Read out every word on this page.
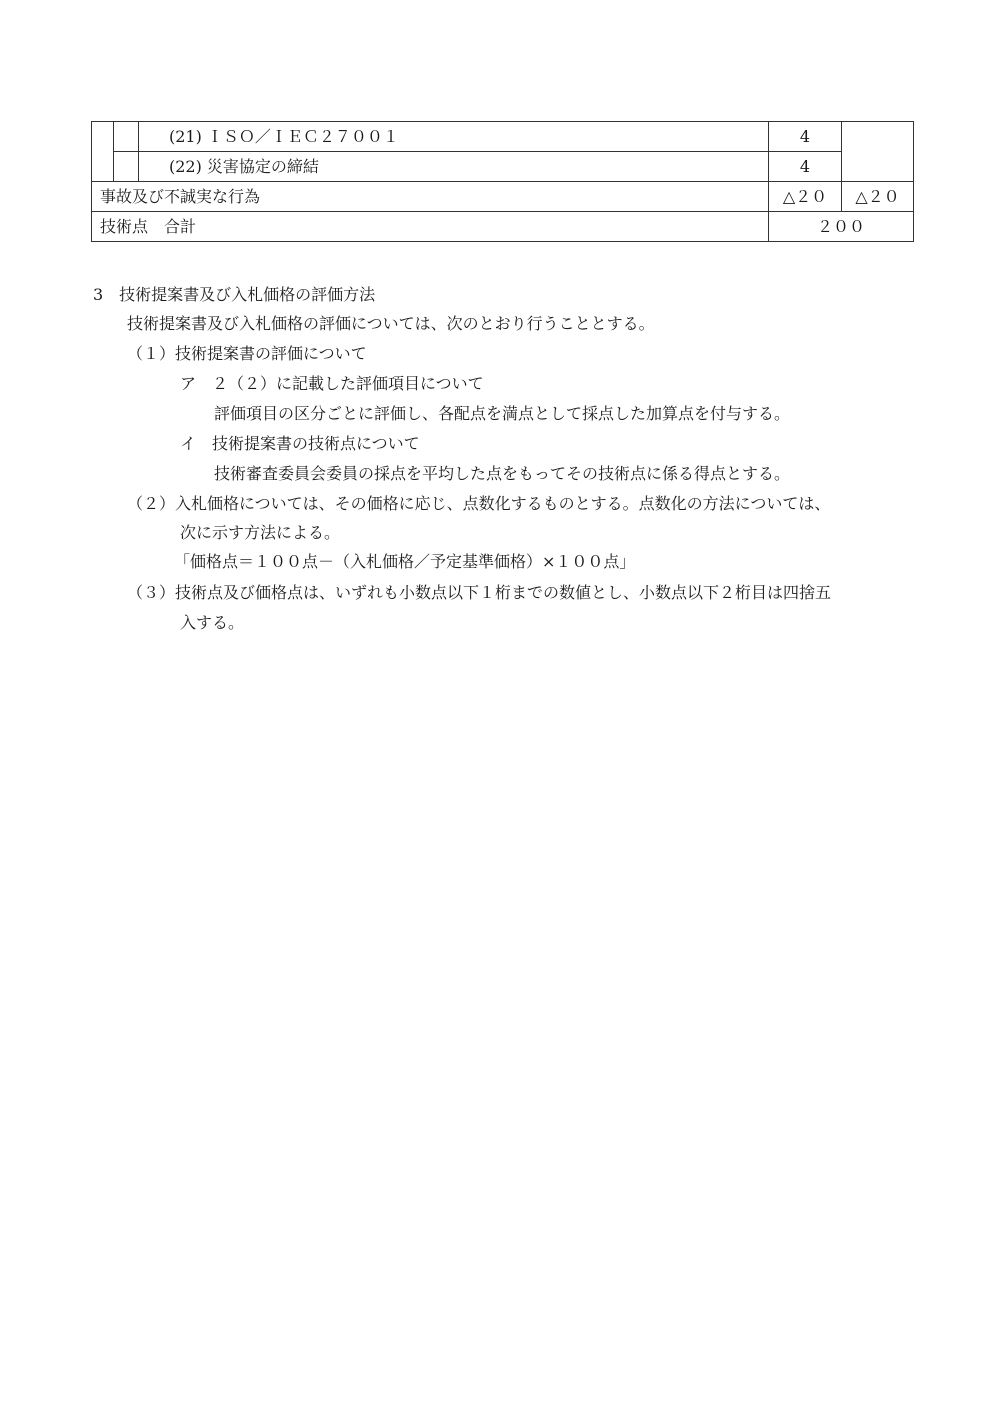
		(21) ＩＳＯ／ＩＥＣ２７００１	4	
		(22) 災害協定の締結	4	
事故及び不誠実な行為			△２０	△２０
技術点　合計			２００	
3　技術提案書及び入札価格の評価方法
技術提案書及び入札価格の評価については、次のとおり行うこととする。
（１）技術提案書の評価について
ア　２（２）に記載した評価項目について
評価項目の区分ごとに評価し、各配点を満点として採点した加算点を付与する。
イ　技術提案書の技術点について
技術審査委員会委員の採点を平均した点をもってその技術点に係る得点とする。
（２）入札価格については、その価格に応じ、点数化するものとする。点数化の方法については、
次に示す方法による。
「価格点＝１００点－（入札価格／予定基準価格）×１００点」
（３）技術点及び価格点は、いずれも小数点以下１桁までの数値とし、小数点以下２桁目は四捨五
入する。
